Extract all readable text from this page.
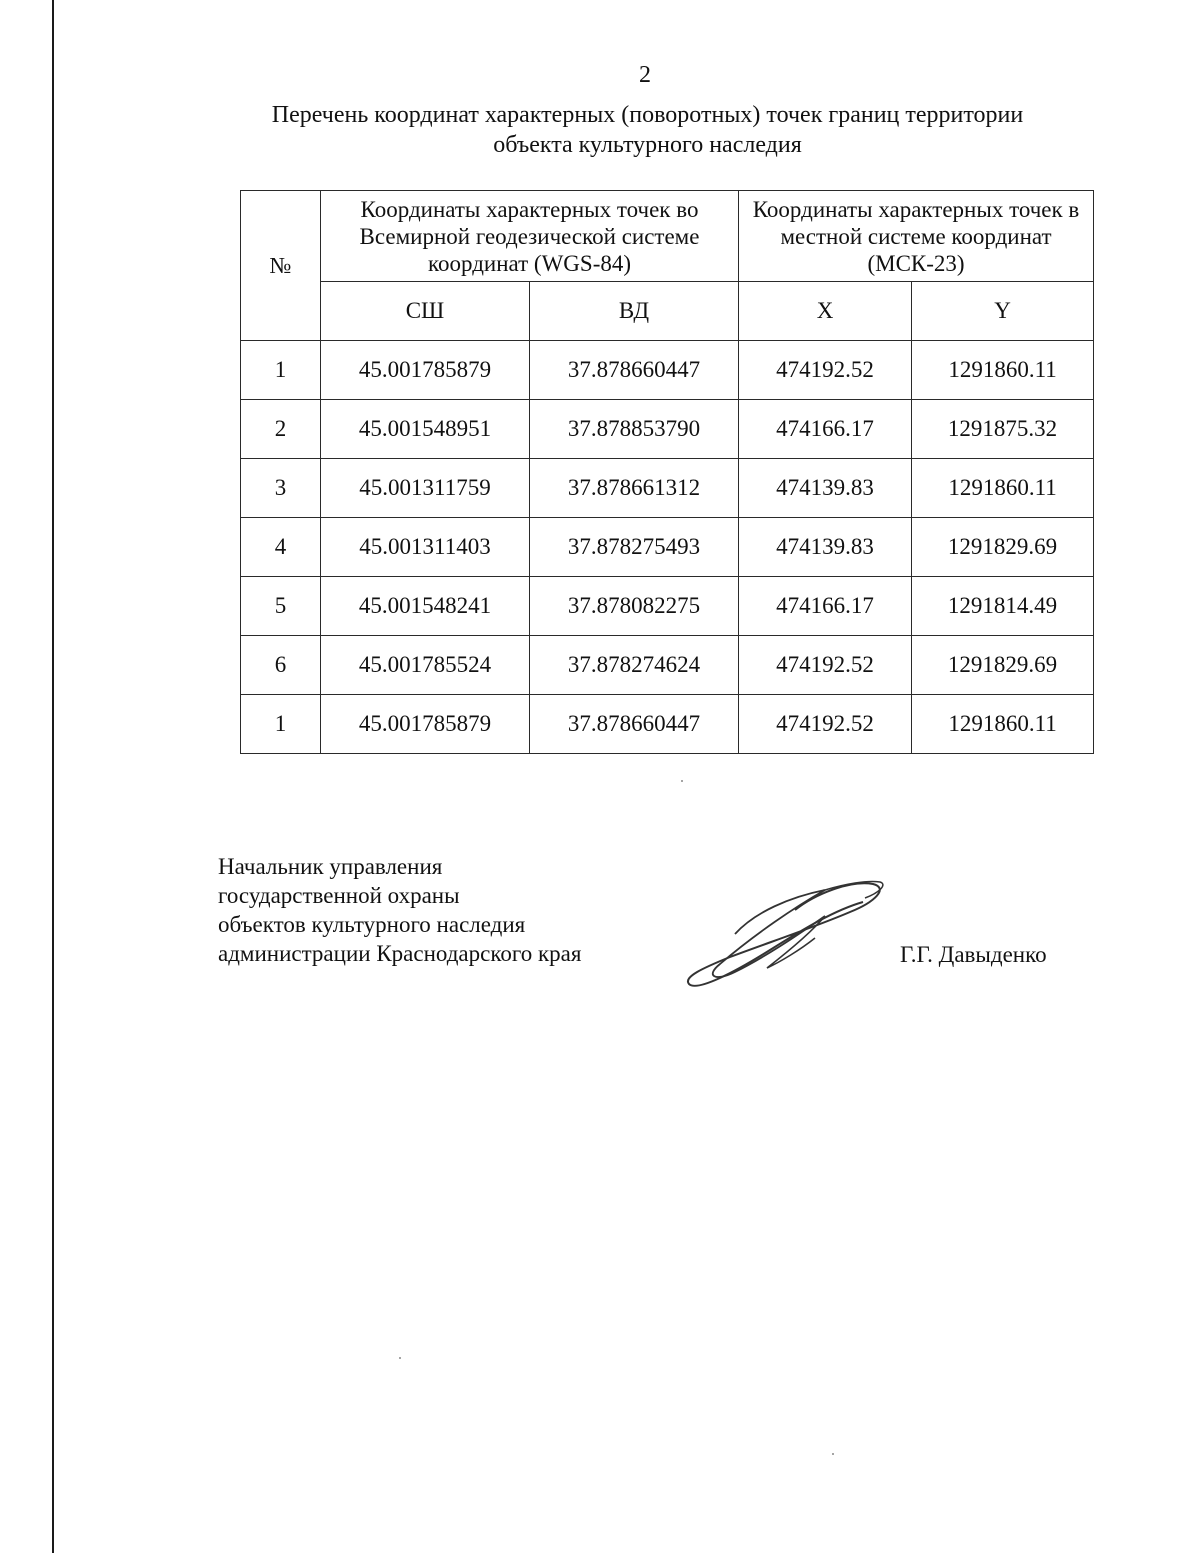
2
Перечень координат характерных (поворотных) точек границ территории
объекта культурного наследия
№	Координаты характерных точек во Всемирной геодезической системе координат (WGS-84)		Координаты характерных точек в местной системе координат (МСК-23)	
	СШ	ВД	X	Y
1	45.001785879	37.878660447	474192.52	1291860.11
2	45.001548951	37.878853790	474166.17	1291875.32
3	45.001311759	37.878661312	474139.83	1291860.11
4	45.001311403	37.878275493	474139.83	1291829.69
5	45.001548241	37.878082275	474166.17	1291814.49
6	45.001785524	37.878274624	474192.52	1291829.69
1	45.001785879	37.878660447	474192.52	1291860.11
Начальник управления
государственной охраны
объектов культурного наследия
администрации Краснодарского края	Г.Г. Давыденко
